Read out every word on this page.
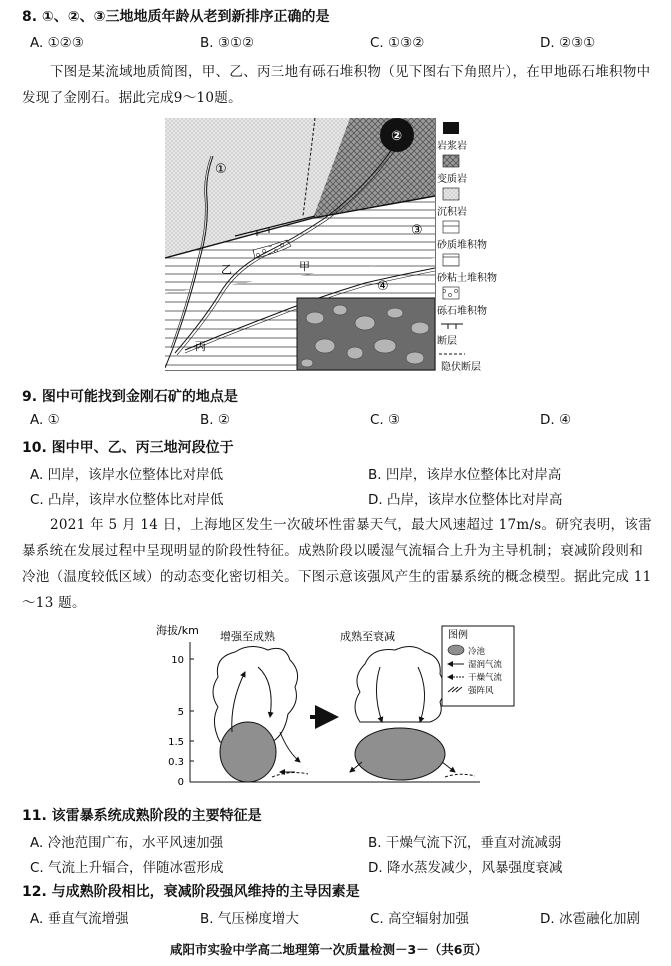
8. ①、②、③三地地质年龄从老到新排序正确的是
A. ①②③	B. ③①②	C. ①③②	D. ②③①
下图是某流域地质简图，甲、乙、丙三地有砾石堆积物（见下图右下角照片），在甲地砾石堆积物中发现了金刚石。据此完成9～10题。
①
②
③
④
甲
乙
丙
岩浆岩
变质岩
沉积岩
砂质堆积物
砂粘土堆积物
砾石堆积物
断层
隐伏断层
9. 图中可能找到金刚石矿的地点是
A. ①	B. ②	C. ③	D. ④
10. 图中甲、乙、丙三地河段位于
A. 凹岸，该岸水位整体比对岸低	B. 凹岸，该岸水位整体比对岸高
C. 凸岸，该岸水位整体比对岸低	D. 凸岸，该岸水位整体比对岸高
2021 年 5 月 14 日，上海地区发生一次破坏性雷暴天气，最大风速超过 17m/s。研究表明，该雷暴系统在发展过程中呈现明显的阶段性特征。成熟阶段以暖湿气流辐合上升为主导机制；衰减阶段则和冷池（温度较低区域）的动态变化密切相关。下图示意该强风产生的雷暴系统的概念模型。据此完成 11～13 题。
海拔/km
10
5
1.5
0.3
0
增强至成熟	成熟至衰减	图例
冷池
湿润气流
干燥气流
强阵风
11. 该雷暴系统成熟阶段的主要特征是
A. 冷池范围广布，水平风速加强	B. 干燥气流下沉，垂直对流减弱
C. 气流上升辐合，伴随冰雹形成	D. 降水蒸发减少，风暴强度衰减
12. 与成熟阶段相比，衰减阶段强风维持的主导因素是
A. 垂直气流增强	B. 气压梯度增大	C. 高空辐射加强	D. 冰雹融化加剧
咸阳市实验中学高二地理第一次质量检测－3－（共6页）
